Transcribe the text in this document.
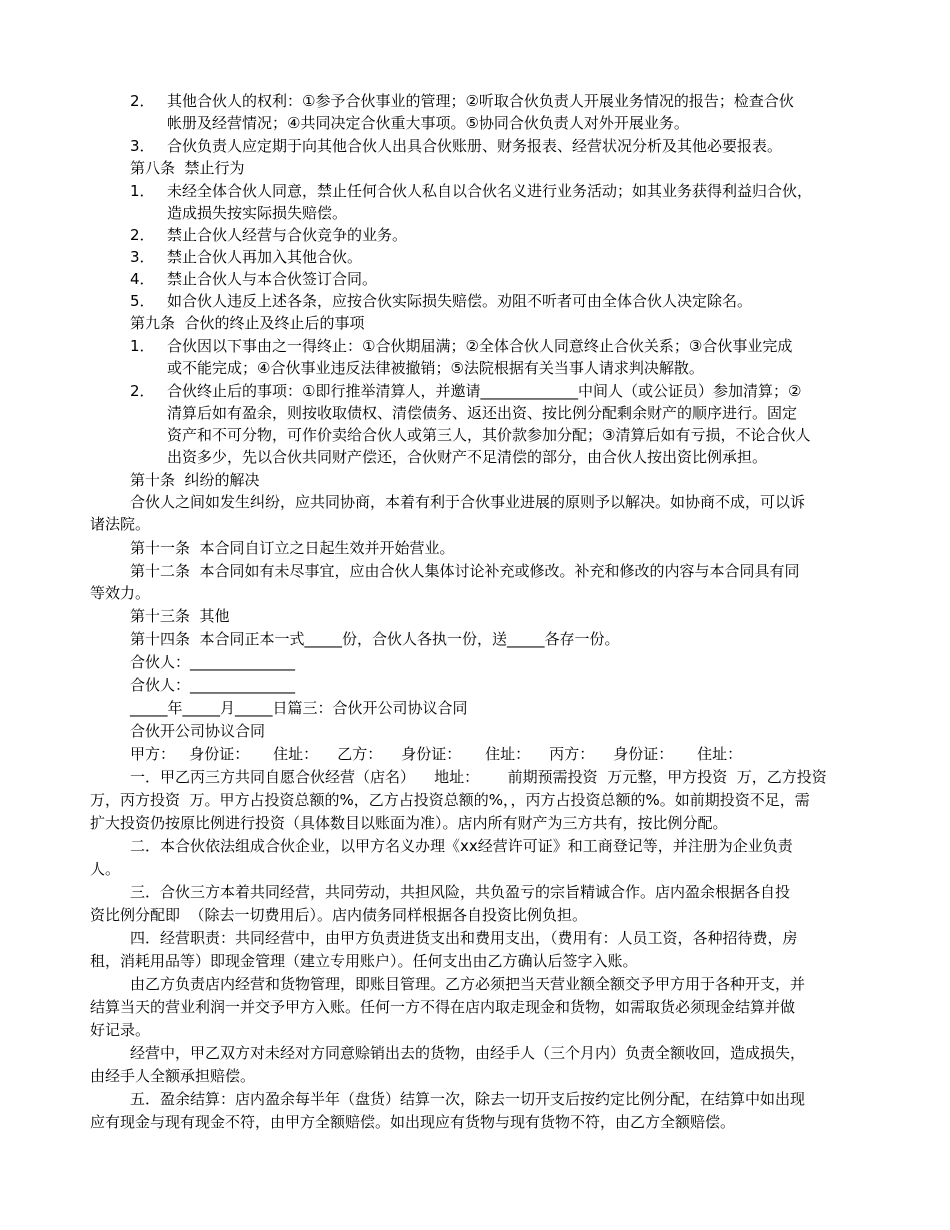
2． 其他合伙人的权利：①参予合伙事业的管理；②听取合伙负责人开展业务情况的报告；检查合伙
帐册及经营情况；④共同决定合伙重大事项。⑤协同合伙负责人对外开展业务。
3． 合伙负责人应定期于向其他合伙人出具合伙账册、财务报表、经营状况分析及其他必要报表。
第八条  禁止行为
1． 未经全体合伙人同意，禁止任何合伙人私自以合伙名义进行业务活动；如其业务获得利益归合伙，
造成损失按实际损失赔偿。
2． 禁止合伙人经营与合伙竞争的业务。
3． 禁止合伙人再加入其他合伙。
4． 禁止合伙人与本合伙签订合同。
5． 如合伙人违反上述各条，应按合伙实际损失赔偿。劝阻不听者可由全体合伙人决定除名。
第九条  合伙的终止及终止后的事项
1． 合伙因以下事由之一得终止：①合伙期届满；②全体合伙人同意终止合伙关系；③合伙事业完成
或不能完成；④合伙事业违反法律被撤销；⑤法院根据有关当事人请求判决解散。
2． 合伙终止后的事项：①即行推举清算人，并邀请_____________中间人（或公证员）参加清算；②
清算后如有盈余，则按收取债权、清偿债务、返还出资、按比例分配剩余财产的顺序进行。固定
资产和不可分物，可作价卖给合伙人或第三人，其价款参加分配；③清算后如有亏损，不论合伙人
出资多少，先以合伙共同财产偿还，合伙财产不足清偿的部分，由合伙人按出资比例承担。
第十条  纠纷的解决
合伙人之间如发生纠纷，应共同协商，本着有利于合伙事业进展的原则予以解决。如协商不成，可以诉
诸法院。
第十一条  本合同自订立之日起生效并开始营业。
第十二条  本合同如有未尽事宜，应由合伙人集体讨论补充或修改。补充和修改的内容与本合同具有同
等效力。
第十三条  其他
第十四条  本合同正本一式_____份，合伙人各执一份，送_____各存一份。
合伙人：______________
合伙人：______________
_____年_____月_____日篇三：合伙开公司协议合同
合伙开公司协议合同
甲方：   身份证：     住址：    乙方：    身份证：     住址：    丙方：    身份证：     住址：
一．甲乙丙三方共同自愿合伙经营（店名）    地址：      前期预需投资  万元整，甲方投资  万，乙方投资
万，丙方投资  万。甲方占投资总额的%，乙方占投资总额的%，，丙方占投资总额的%。如前期投资不足，需
扩大投资仍按原比例进行投资（具体数目以账面为准）。店内所有财产为三方共有，按比例分配。
二．本合伙依法组成合伙企业，以甲方名义办理《xx经营许可证》和工商登记等，并注册为企业负责
人。
三．合伙三方本着共同经营，共同劳动，共担风险，共负盈亏的宗旨精诚合作。店内盈余根据各自投
资比例分配即  （除去一切费用后）。店内债务同样根据各自投资比例负担。
四．经营职责：共同经营中，由甲方负责进货支出和费用支出，（费用有：人员工资，各种招待费，房
租，消耗用品等）即现金管理（建立专用账户）。任何支出由乙方确认后签字入账。
由乙方负责店内经营和货物管理，即账目管理。乙方必须把当天营业额全额交予甲方用于各种开支，并
结算当天的营业利润一并交予甲方入账。任何一方不得在店内取走现金和货物，如需取货必须现金结算并做
好记录。
经营中，甲乙双方对未经对方同意赊销出去的货物，由经手人（三个月内）负责全额收回，造成损失，
由经手人全额承担赔偿。
五．盈余结算：店内盈余每半年（盘货）结算一次，除去一切开支后按约定比例分配，在结算中如出现
应有现金与现有现金不符，由甲方全额赔偿。如出现应有货物与现有货物不符，由乙方全额赔偿。
